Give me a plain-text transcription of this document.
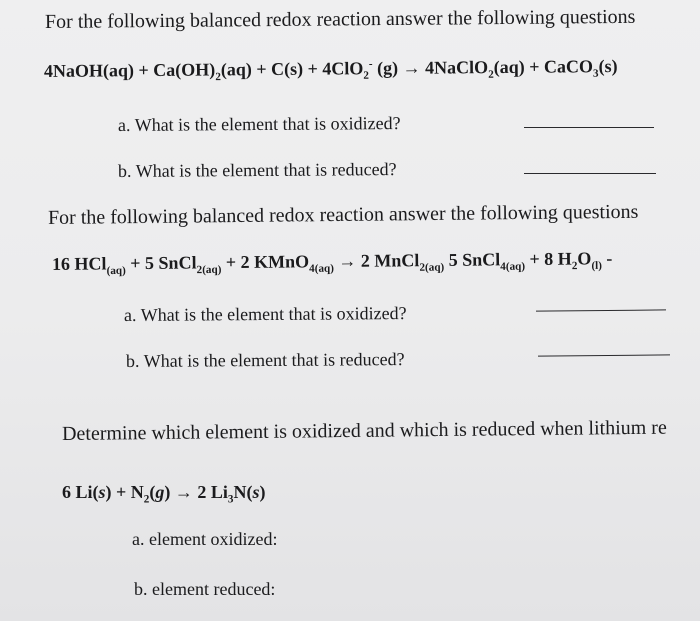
For the following balanced redox reaction answer the following questions
4NaOH(aq) + $Ca(OH)_2(aq) + C(s) + 4ClO_2^-$ (g) → 4NaClO$_2$(aq) + CaCO$_3$(s)
a. What is the element that is oxidized?
b. What is the element that is reduced?
For the following balanced redox reaction answer the following questions
16 HCl$_{(aq)}$ + 5 SnCl$_{2(aq)}$ + 2 KMnO$_{4(aq)}$ → 2 MnCl$_{2(aq)}$ 5 SnCl$_{4(aq)}$ + 8 $H_2O_{(l)}$ -
a. What is the element that is oxidized?
b. What is the element that is reduced?
Determine which element is oxidized and which is reduced when lithium re
6 $Li(s) + N_2(g) \to 2$ $Li_3N(s)$
a. element oxidized:
b. element reduced:
